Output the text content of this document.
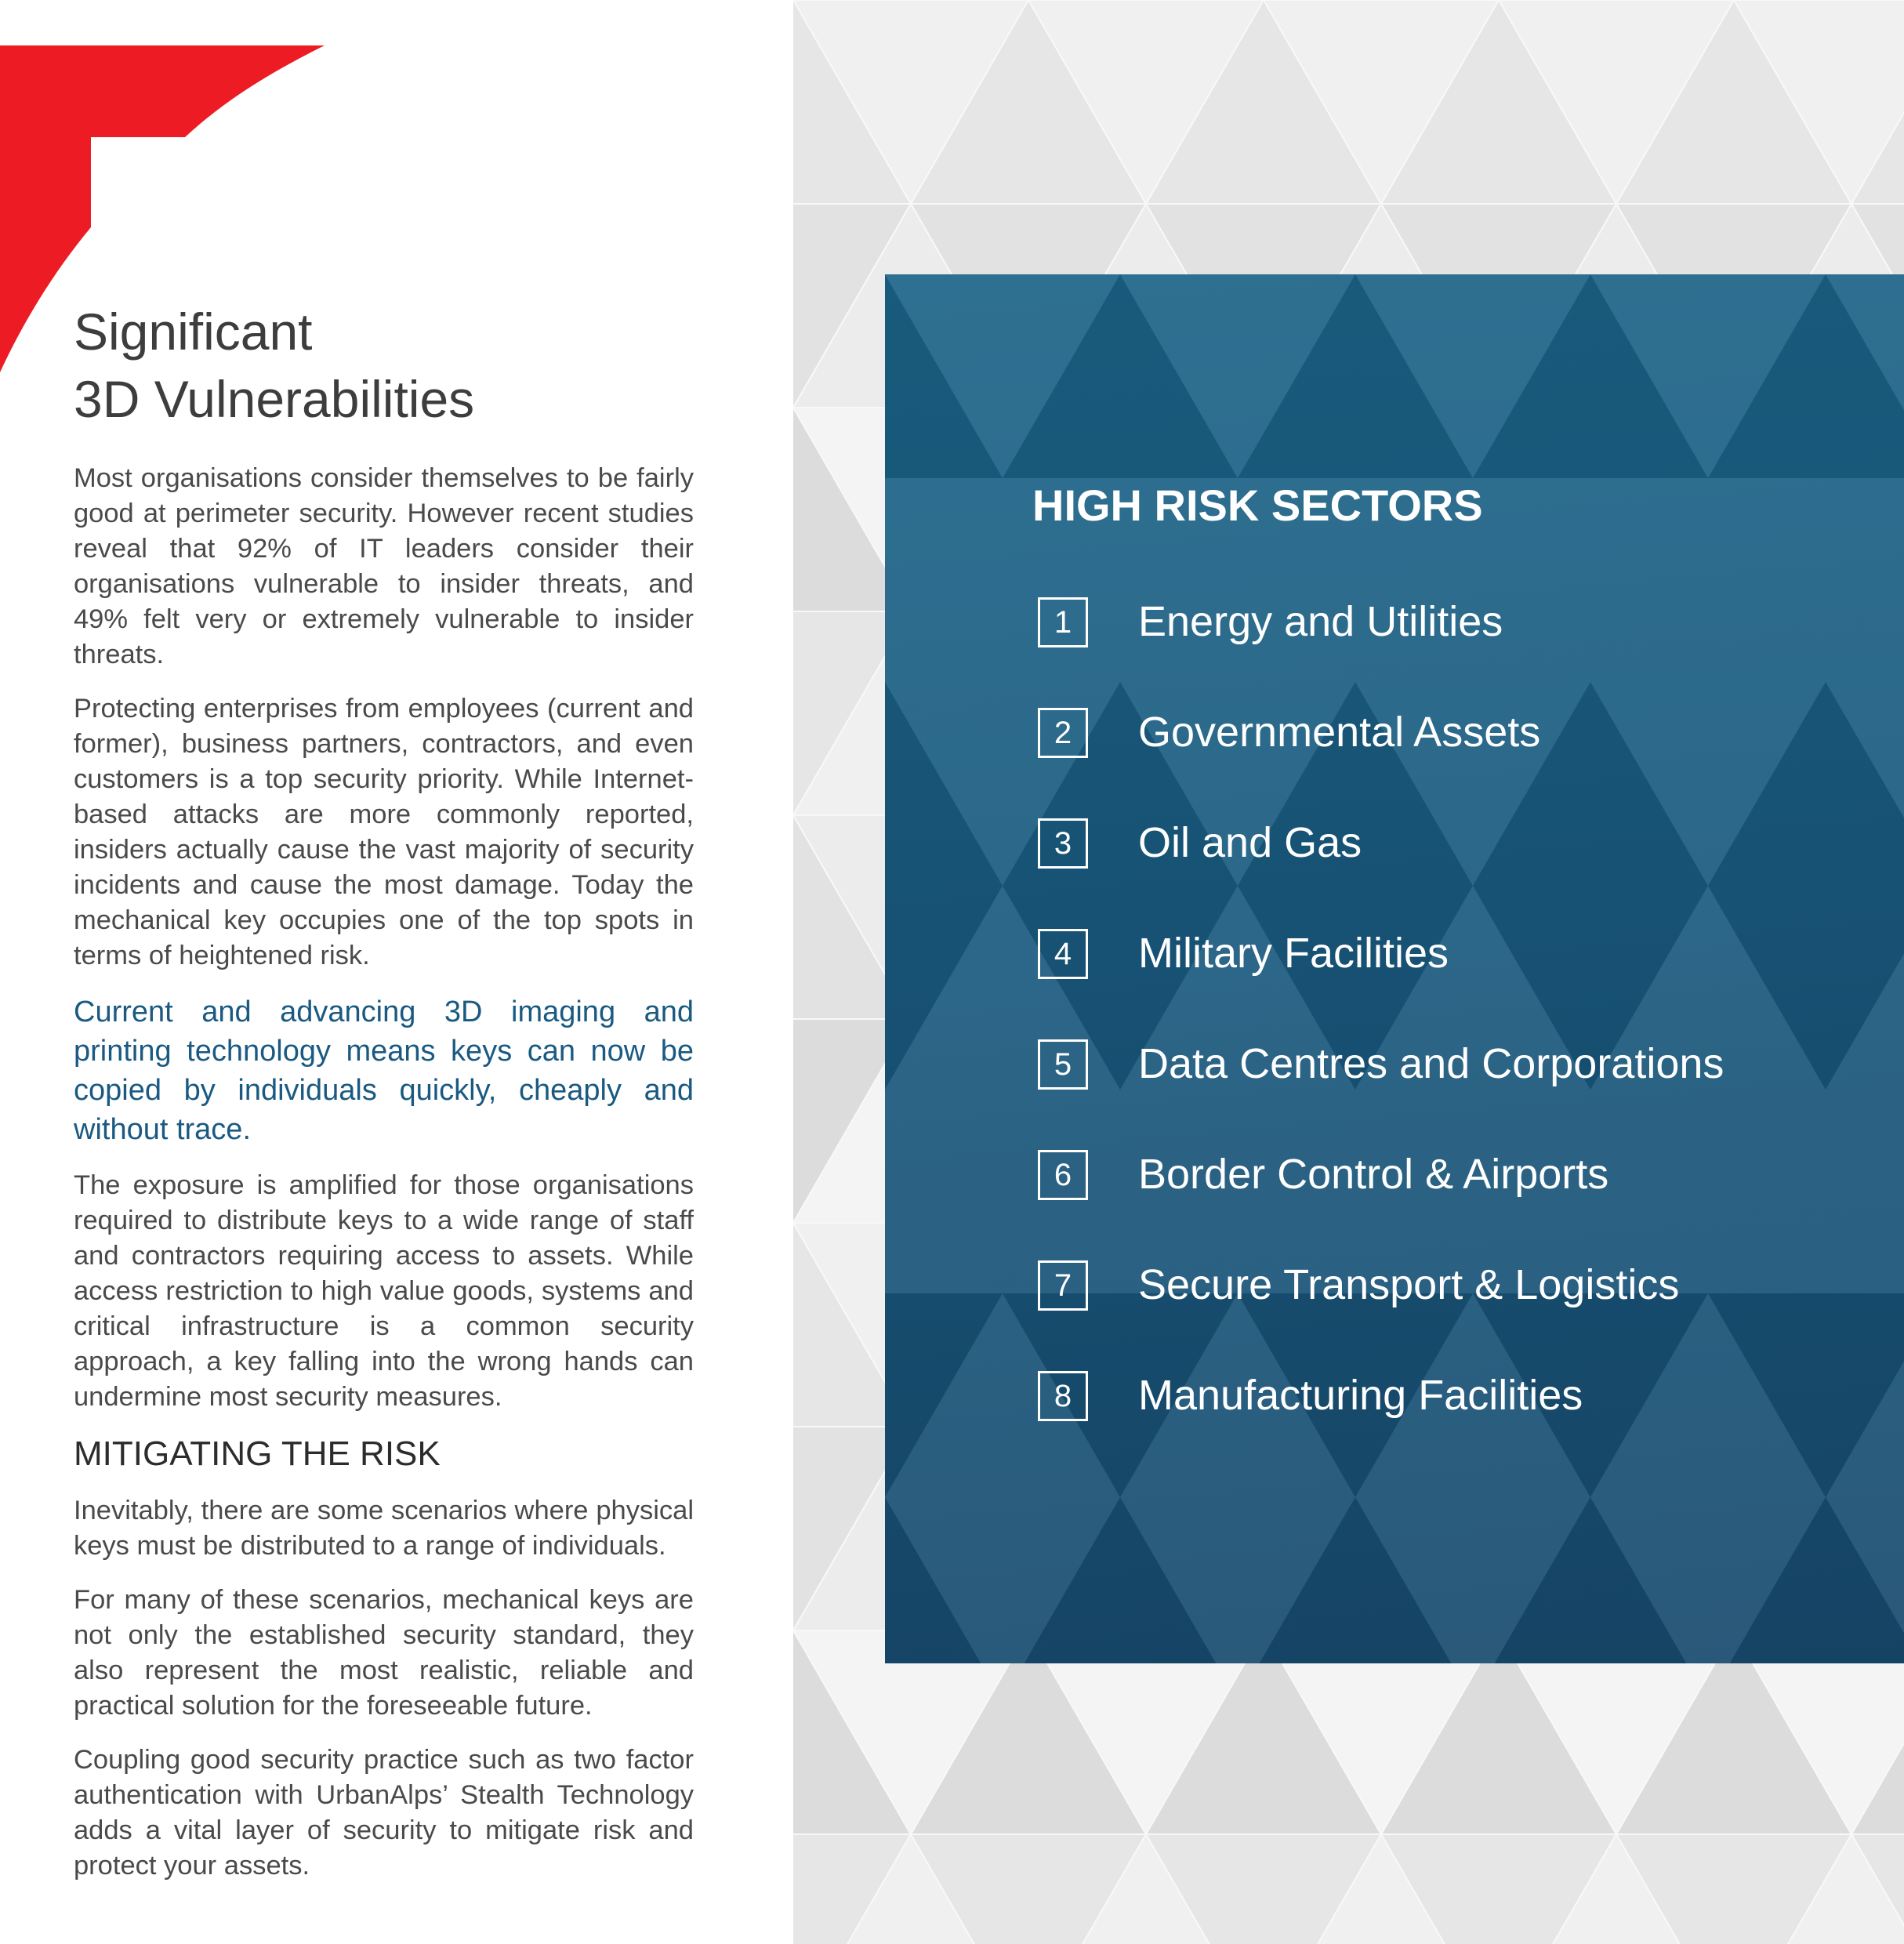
Significant
3D Vulnerabilities

Most organisations consider themselves to be fairly good at perimeter security. However recent studies reveal that 92% of IT leaders consider their organisations vulnerable to insider threats, and 49% felt very or extremely vulnerable to insider threats.

Protecting enterprises from employees (current and former), business partners, contractors, and even customers is a top security priority. While Internet-based attacks are more commonly reported, insiders actually cause the vast majority of security incidents and cause the most damage. Today the mechanical key occupies one of the top spots in terms of heightened risk.

Current and advancing 3D imaging and printing technology means keys can now be copied by individuals quickly, cheaply and without trace.

The exposure is amplified for those organisations required to distribute keys to a wide range of staff and contractors requiring access to assets. While access restriction to high value goods, systems and critical infrastructure is a common security approach, a key falling into the wrong hands can undermine most security measures.

MITIGATING THE RISK

Inevitably, there are some scenarios where physical keys must be distributed to a range of individuals.

For many of these scenarios, mechanical keys are not only the established security standard, they also represent the most realistic, reliable and practical solution for the foreseeable future.

Coupling good security practice such as two factor authentication with UrbanAlps’ Stealth Technology adds a vital layer of security to mitigate risk and protect your assets.

HIGH RISK SECTORS
1	Energy and Utilities
2	Governmental Assets
3	Oil and Gas
4	Military Facilities
5	Data Centres and Corporations
6	Border Control & Airports
7	Secure Transport & Logistics
8	Manufacturing Facilities
